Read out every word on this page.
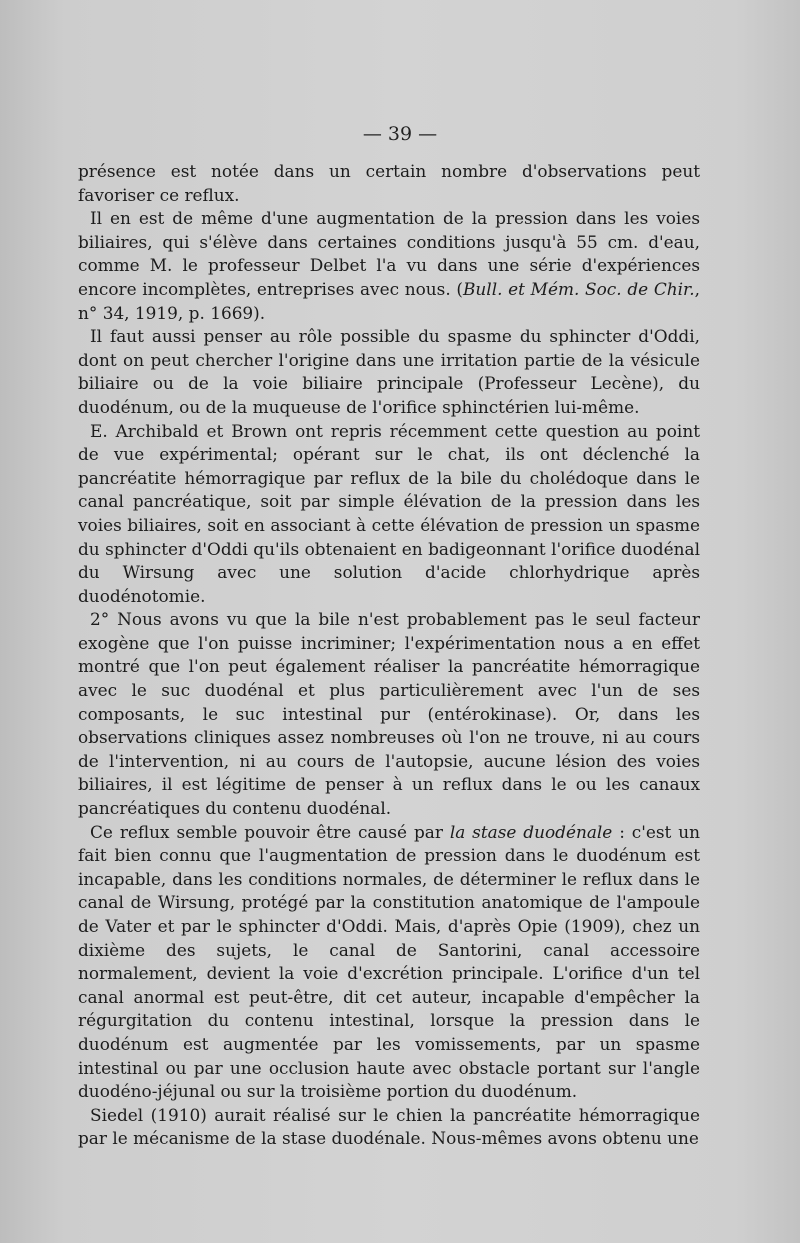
— 39 —

présence est notée dans un certain nombre d'observations peut favoriser ce reflux.

Il en est de même d'une augmentation de la pression dans les voies biliaires, qui s'élève dans certaines conditions jusqu'à 55 cm. d'eau, comme M. le professeur Delbet l'a vu dans une série d'expériences encore incomplètes, entreprises avec nous. (Bull. et Mém. Soc. de Chir., n° 34, 1919, p. 1669).

Il faut aussi penser au rôle possible du spasme du sphincter d'Oddi, dont on peut chercher l'origine dans une irritation partie de la vésicule biliaire ou de la voie biliaire principale (Professeur Lecène), du duodénum, ou de la muqueuse de l'orifice sphinctérien lui-même.

E. Archibald et Brown ont repris récemment cette question au point de vue expérimental; opérant sur le chat, ils ont déclenché la pancréatite hémorragique par reflux de la bile du cholédoque dans le canal pancréatique, soit par simple élévation de la pression dans les voies biliaires, soit en associant à cette élévation de pression un spasme du sphincter d'Oddi qu'ils obtenaient en badigeonnant l'orifice duodénal du Wirsung avec une solution d'acide chlorhydrique après duodénotomie.

2° Nous avons vu que la bile n'est probablement pas le seul facteur exogène que l'on puisse incriminer; l'expérimentation nous a en effet montré que l'on peut également réaliser la pancréatite hémorragique avec le suc duodénal et plus particulièrement avec l'un de ses composants, le suc intestinal pur (entérokinase). Or, dans les observations cliniques assez nombreuses où l'on ne trouve, ni au cours de l'intervention, ni au cours de l'autopsie, aucune lésion des voies biliaires, il est légitime de penser à un reflux dans le ou les canaux pancréatiques du contenu duodénal.

Ce reflux semble pouvoir être causé par la stase duodénale : c'est un fait bien connu que l'augmentation de pression dans le duodénum est incapable, dans les conditions normales, de déterminer le reflux dans le canal de Wirsung, protégé par la constitution anatomique de l'ampoule de Vater et par le sphincter d'Oddi. Mais, d'après Opie (1909), chez un dixième des sujets, le canal de Santorini, canal accessoire normalement, devient la voie d'excrétion principale. L'orifice d'un tel canal anormal est peut-être, dit cet auteur, incapable d'empêcher la régurgitation du contenu intestinal, lorsque la pression dans le duodénum est augmentée par les vomissements, par un spasme intestinal ou par une occlusion haute avec obstacle portant sur l'angle duodéno-jéjunal ou sur la troisième portion du duodénum.

Siedel (1910) aurait réalisé sur le chien la pancréatite hémorragique par le mécanisme de la stase duodénale. Nous-mêmes avons obtenu une
